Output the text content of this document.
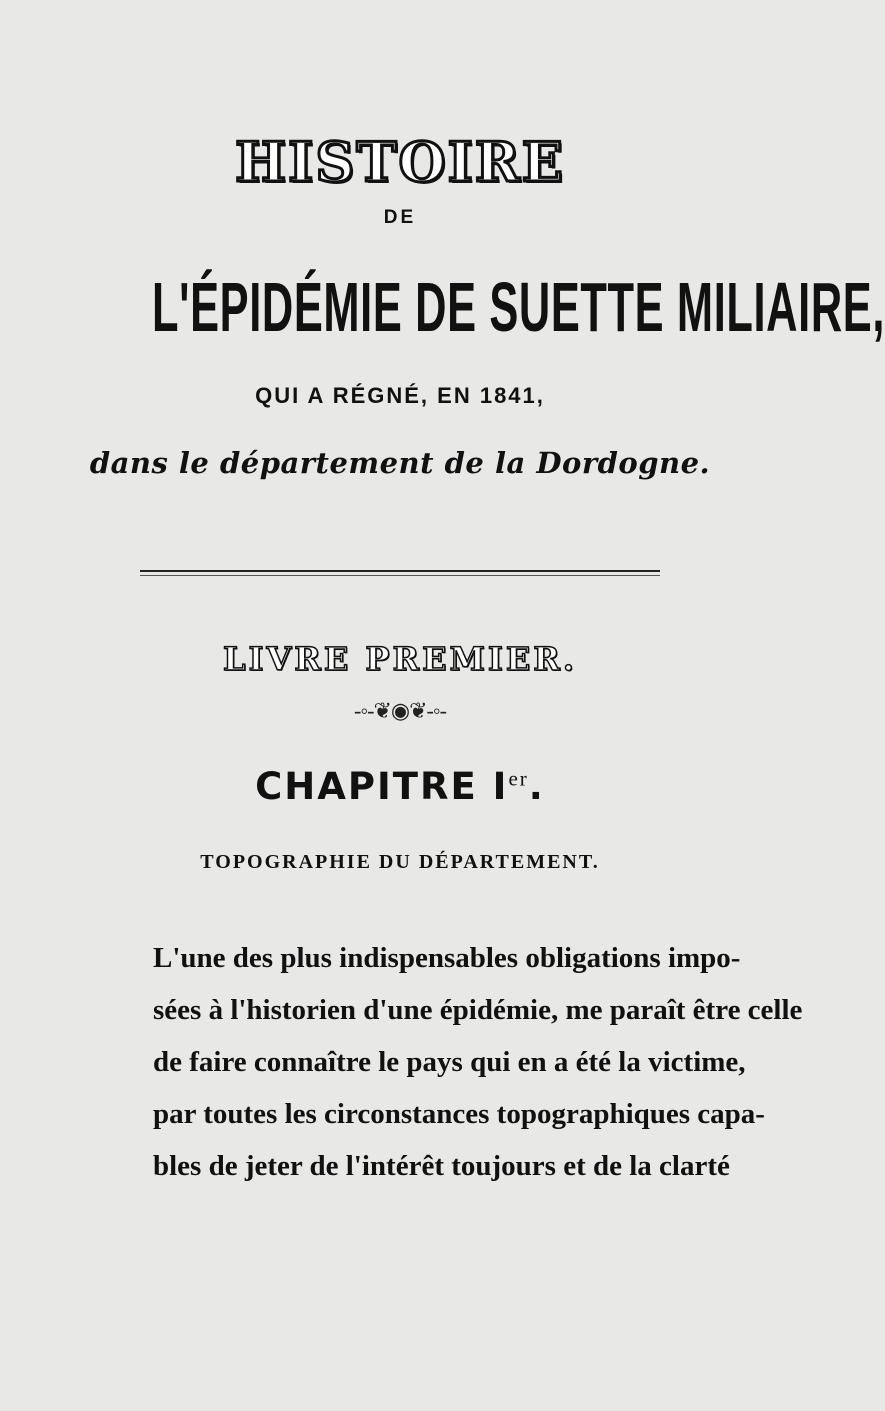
HISTOIRE
DE
L'ÉPIDÉMIE DE SUETTE MILIAIRE,
QUI A RÉGNÉ, EN 1841,
dans le département de la Dordogne.
LIVRE PREMIER.
-◦-❦◉❦-◦-
CHAPITRE Ier.
TOPOGRAPHIE DU DÉPARTEMENT.
L'une des plus indispensables obligations impo-
sées à l'historien d'une épidémie, me paraît être celle
de faire connaître le pays qui en a été la victime,
par toutes les circonstances topographiques capa-
bles de jeter de l'intérêt toujours et de la clarté
